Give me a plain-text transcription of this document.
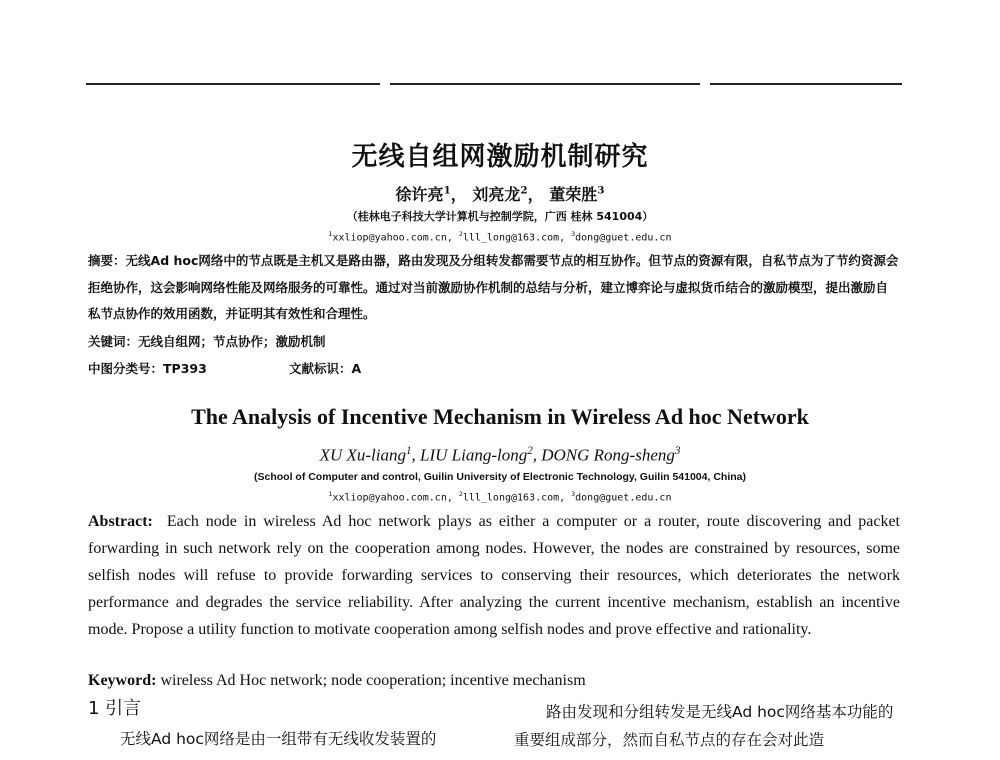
无线自组网激励机制研究
徐许亮$^1$， 刘亮龙$^2$， 董荣胜$^3$
（桂林电子科技大学计算机与控制学院，广西 桂林 541004）
$^1$xxliop@yahoo.com.cn, $^2$lll_long@163.com, $^3$dong@guet.edu.cn
摘要：无线Ad hoc网络中的节点既是主机又是路由器，路由发现及分组转发都需要节点的相互协作。但节点的资源有限，自私节点为了节约资源会拒绝协作，这会影响网络性能及网络服务的可靠性。通过对当前激励协作机制的总结与分析，建立博弈论与虚拟货币结合的激励模型，提出激励自私节点协作的效用函数，并证明其有效性和合理性。
关键词：无线自组网；节点协作；激励机制
中图分类号：TP393	文献标识：A
The Analysis of Incentive Mechanism in Wireless Ad hoc Network
XU Xu-liang$^1$, LIU Liang-long$^2$, DONG Rong-sheng$^3$
(School of Computer and control, Guilin University of Electronic Technology, Guilin 541004, China)
$^1$xxliop@yahoo.com.cn, $^2$lll_long@163.com, $^3$dong@guet.edu.cn
Abstract: Each node in wireless Ad hoc network plays as either a computer or a router, route discovering and packet forwarding in such network rely on the cooperation among nodes. However, the nodes are constrained by resources, some selfish nodes will refuse to provide forwarding services to conserving their resources, which deteriorates the network performance and degrades the service reliability. After analyzing the current incentive mechanism, establish an incentive mode. Propose a utility function to motivate cooperation among selfish nodes and prove effective and rationality.
Keyword: wireless Ad Hoc network; node cooperation; incentive mechanism
1 引言
无线Ad hoc网络是由一组带有无线收发装置的
路由发现和分组转发是无线Ad hoc网络基本功能的重要组成部分，然而自私节点的存在会对此造
